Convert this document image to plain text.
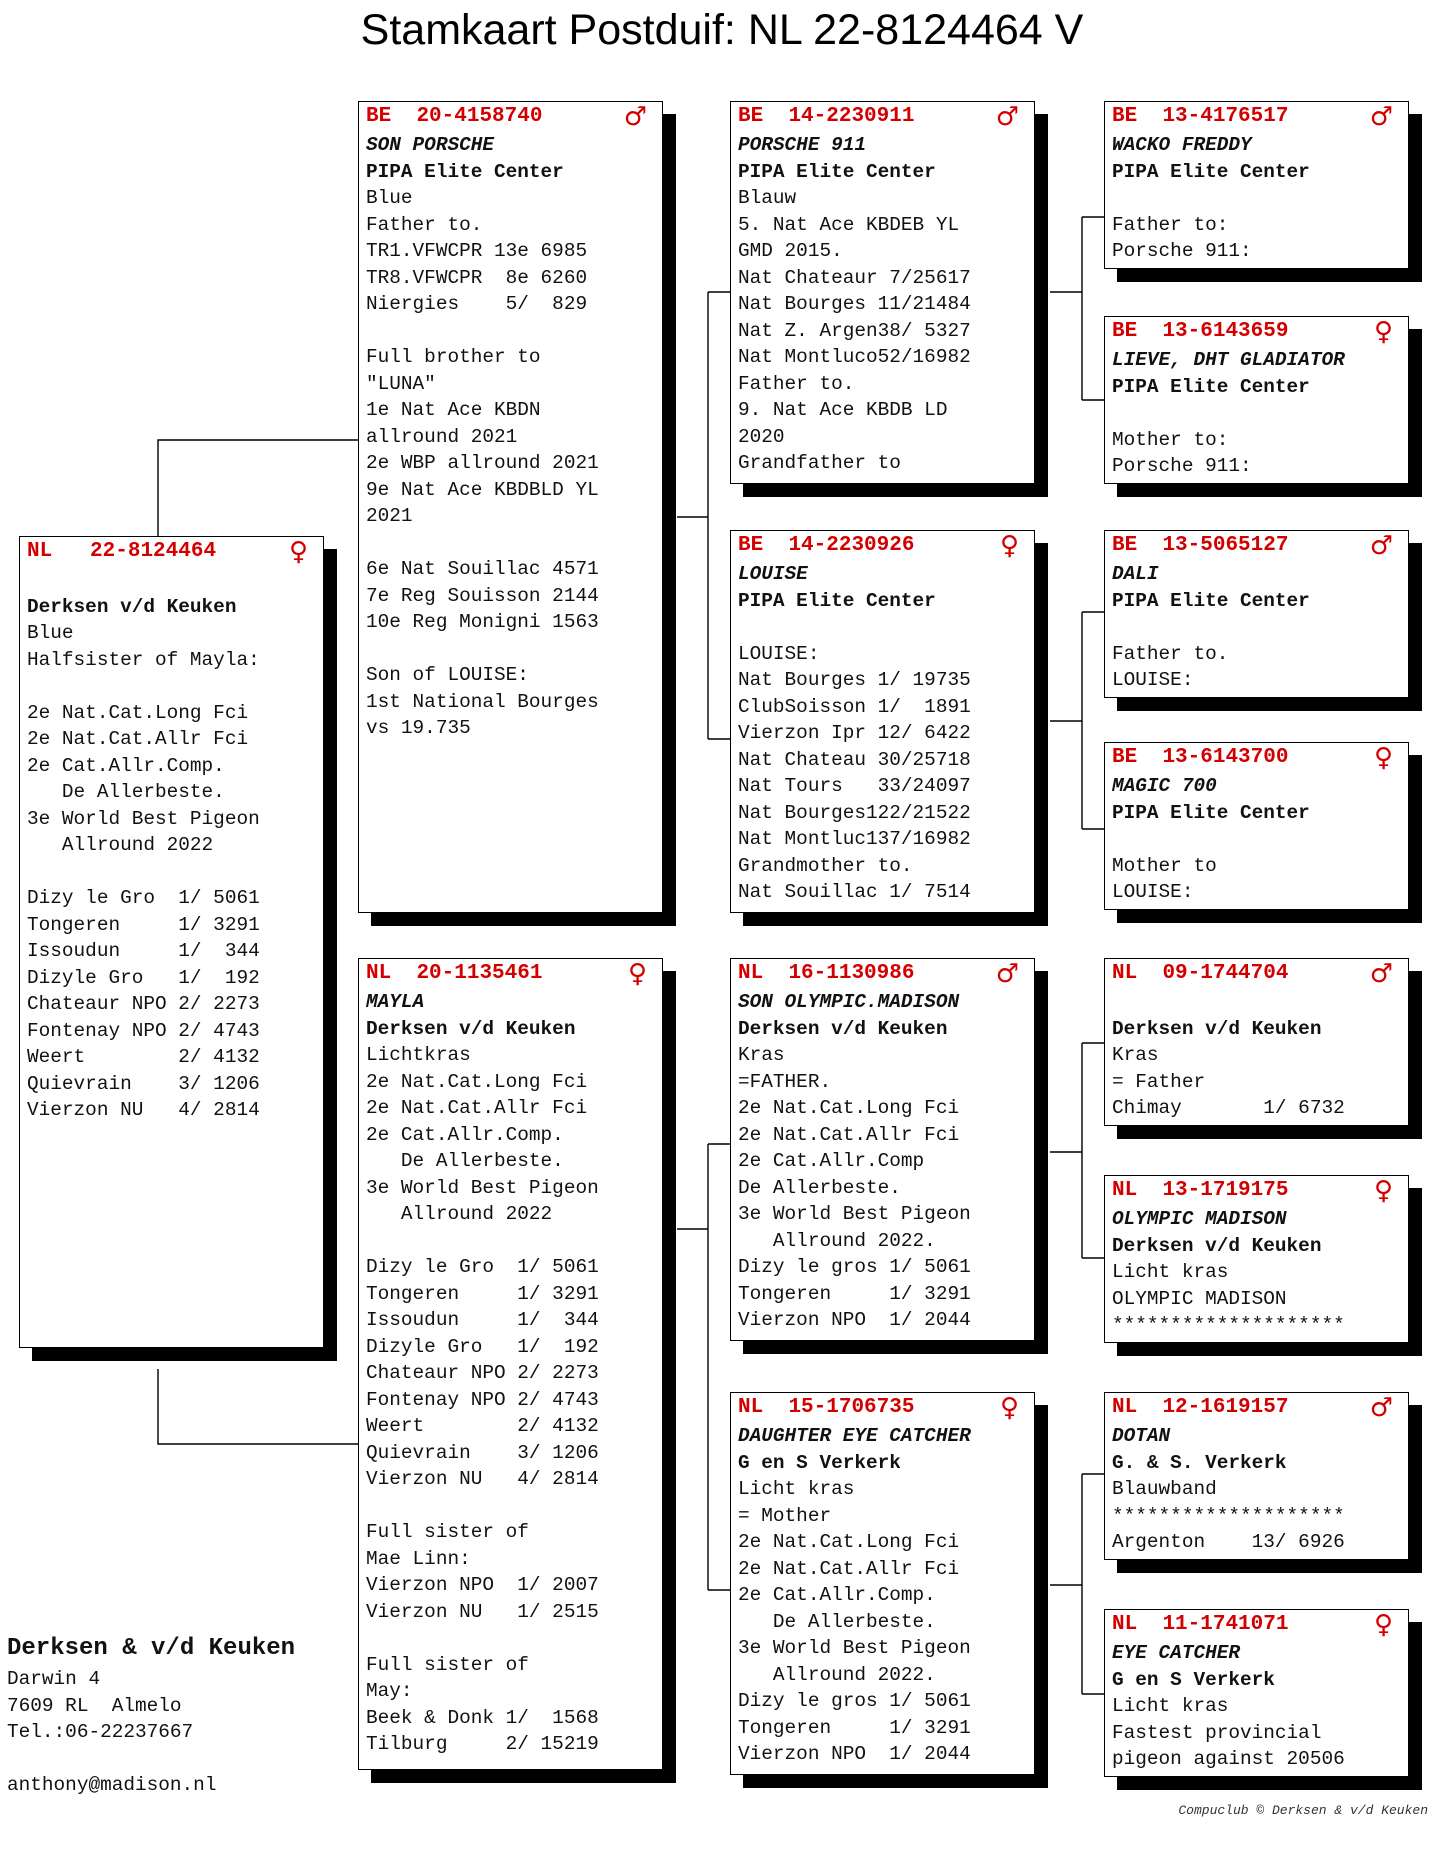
Stamkaart Postduif: NL 22-8124464 V
NL 22-8124464	♀
Derksen v/d Keuken
Blue
Halfsister of Mayla:
2e Nat.Cat.Long Fci
2e Nat.Cat.Allr Fci
2e Cat.Allr.Comp.
De Allerbeste.
3e World Best Pigeon
Allround 2022
Dizy le Gro  1/ 5061
Tongeren     1/ 3291
Issoudun     1/  344
Dizyle Gro   1/  192
Chateaur NPO 2/ 2273
Fontenay NPO 2/ 4743
Weert        2/ 4132
Quievrain    3/ 1206
Vierzon NU   4/ 2814
BE 20-4158740	♂
SON PORSCHE
PIPA Elite Center
Blue
Father to.
TR1.VFWCPR 13e 6985
TR8.VFWCPR  8e 6260
Niergies    5/  829
Full brother to
"LUNA"
1e Nat Ace KBDN
allround 2021
2e WBP allround 2021
9e Nat Ace KBDBLD YL
2021
6e Nat Souillac 4571
7e Reg Souisson 2144
10e Reg Monigni 1563
Son of LOUISE:
1st National Bourges
vs 19.735
NL 20-1135461	♀
MAYLA
Derksen v/d Keuken
Lichtkras
2e Nat.Cat.Long Fci
2e Nat.Cat.Allr Fci
2e Cat.Allr.Comp.
De Allerbeste.
3e World Best Pigeon
Allround 2022
Dizy le Gro  1/ 5061
Tongeren     1/ 3291
Issoudun     1/  344
Dizyle Gro   1/  192
Chateaur NPO 2/ 2273
Fontenay NPO 2/ 4743
Weert        2/ 4132
Quievrain    3/ 1206
Vierzon NU   4/ 2814
Full sister of
Mae Linn:
Vierzon NPO  1/ 2007
Vierzon NU   1/ 2515
Full sister of
May:
Beek & Donk 1/  1568
Tilburg     2/ 15219
BE 14-2230911	♂
PORSCHE 911
PIPA Elite Center
Blauw
5. Nat Ace KBDEB YL
GMD 2015.
Nat Chateaur 7/25617
Nat Bourges 11/21484
Nat Z. Argen38/ 5327
Nat Montluco52/16982
Father to.
9. Nat Ace KBDB LD
2020
Grandfather to
BE 14-2230926	♀
LOUISE
PIPA Elite Center
LOUISE:
Nat Bourges 1/ 19735
ClubSoisson 1/  1891
Vierzon Ipr 12/ 6422
Nat Chateau 30/25718
Nat Tours   33/24097
Nat Bourges122/21522
Nat Montluc137/16982
Grandmother to.
Nat Souillac 1/ 7514
NL 16-1130986	♂
SON OLYMPIC.MADISON
Derksen v/d Keuken
Kras
=FATHER.
2e Nat.Cat.Long Fci
2e Nat.Cat.Allr Fci
2e Cat.Allr.Comp
De Allerbeste.
3e World Best Pigeon
Allround 2022.
Dizy le gros 1/ 5061
Tongeren     1/ 3291
Vierzon NPO  1/ 2044
NL 15-1706735	♀
DAUGHTER EYE CATCHER
G en S Verkerk
Licht kras
= Mother
2e Nat.Cat.Long Fci
2e Nat.Cat.Allr Fci
2e Cat.Allr.Comp.
De Allerbeste.
3e World Best Pigeon
Allround 2022.
Dizy le gros 1/ 5061
Tongeren     1/ 3291
Vierzon NPO  1/ 2044
BE 13-4176517	♂
WACKO FREDDY
PIPA Elite Center
Father to:
Porsche 911:
BE 13-6143659	♀
LIEVE, DHT GLADIATOR
PIPA Elite Center
Mother to:
Porsche 911:
BE 13-5065127	♂
DALI
PIPA Elite Center
Father to.
LOUISE:
BE 13-6143700	♀
MAGIC 700
PIPA Elite Center
Mother to
LOUISE:
NL 09-1744704	♂
Derksen v/d Keuken
Kras
= Father
Chimay       1/ 6732
NL 13-1719175	♀
OLYMPIC MADISON
Derksen v/d Keuken
Licht kras
OLYMPIC MADISON
********************
NL 12-1619157	♂
DOTAN
G. & S. Verkerk
Blauwband
********************
Argenton    13/ 6926
NL 11-1741071	♀
EYE CATCHER
G en S Verkerk
Licht kras
Fastest provincial
pigeon against 20506
Derksen & v/d Keuken
Darwin 4
7609 RL  Almelo
Tel.:06-22237667
anthony@madison.nl
Compuclub © Derksen & v/d Keuken
